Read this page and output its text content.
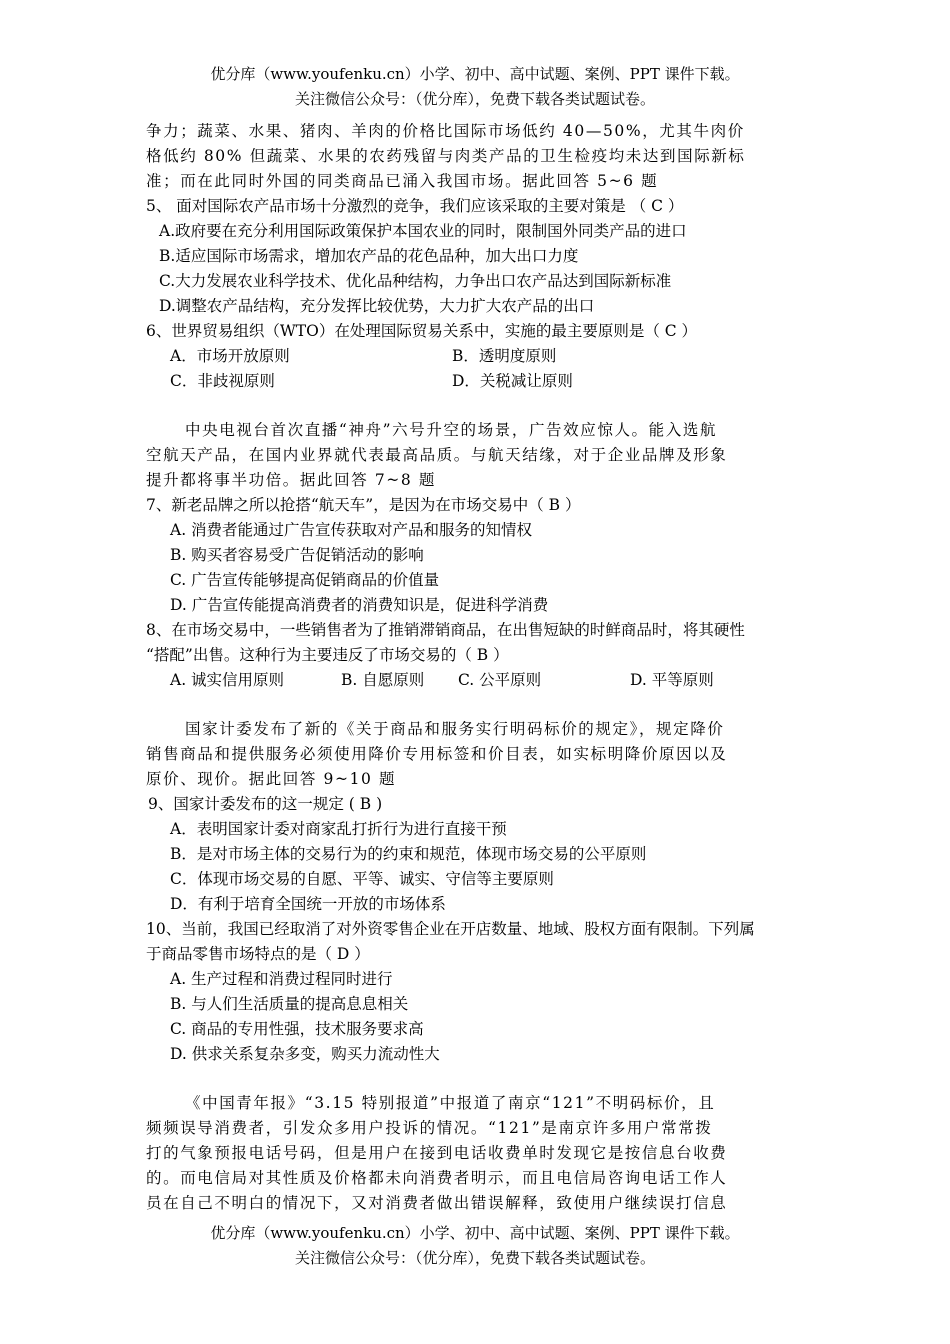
优分库（www.youfenku.cn）小学、初中、高中试题、案例、PPT 课件下载。
关注微信公众号：（优分库），免费下载各类试题试卷。
争力；蔬菜、水果、猪肉、羊肉的价格比国际市场低约 40—50%，尤其牛肉价
格低约 80% 但蔬菜、水果的农药残留与肉类产品的卫生检疫均未达到国际新标
准；而在此同时外国的同类商品已涌入我国市场。据此回答 5~6 题
5、 面对国际农产品市场十分激烈的竞争，我们应该采取的主要对策是 （ C ）
A.政府要在充分利用国际政策保护本国农业的同时，限制国外同类产品的进口
B.适应国际市场需求，增加农产品的花色品种，加大出口力度
C.大力发展农业科学技术、优化品种结构，力争出口农产品达到国际新标准
D.调整农产品结构，充分发挥比较优势，大力扩大农产品的出口
6、世界贸易组织（WTO）在处理国际贸易关系中，实施的最主要原则是（ C ）
A．市场开放原则	B．透明度原则
C．非歧视原则	D．关税减让原则
中央电视台首次直播“神舟”六号升空的场景，广告效应惊人。能入选航
空航天产品，在国内业界就代表最高品质。与航天结缘，对于企业品牌及形象
提升都将事半功倍。据此回答 7~8 题
7、新老品牌之所以抢搭“航天车”，是因为在市场交易中（ B ）
A. 消费者能通过广告宣传获取对产品和服务的知情权
B. 购买者容易受广告促销活动的影响
C. 广告宣传能够提高促销商品的价值量
D. 广告宣传能提高消费者的消费知识是，促进科学消费
8、在市场交易中，一些销售者为了推销滞销商品，在出售短缺的时鲜商品时，将其硬性
“搭配”出售。这种行为主要违反了市场交易的（ B ）
A. 诚实信用原则	B. 自愿原则 C. 公平原则	D. 平等原则
国家计委发布了新的《关于商品和服务实行明码标价的规定》，规定降价
销售商品和提供服务必须使用降价专用标签和价目表，如实标明降价原因以及
原价、现价。据此回答 9~10 题
9、国家计委发布的这一规定 ( B )
A．表明国家计委对商家乱打折行为进行直接干预
B．是对市场主体的交易行为的约束和规范，体现市场交易的公平原则
C．体现市场交易的自愿、平等、诚实、守信等主要原则
D．有利于培育全国统一开放的市场体系
10、当前，我国已经取消了对外资零售企业在开店数量、地域、股权方面有限制。下列属
于商品零售市场特点的是（ D ）
A. 生产过程和消费过程同时进行
B. 与人们生活质量的提高息息相关
C. 商品的专用性强，技术服务要求高
D. 供求关系复杂多变，购买力流动性大
《中国青年报》“3.15 特别报道”中报道了南京“121”不明码标价，且
频频误导消费者，引发众多用户投诉的情况。“121”是南京许多用户常常拨
打的气象预报电话号码，但是用户在接到电话收费单时发现它是按信息台收费
的。而电信局对其性质及价格都未向消费者明示，而且电信局咨询电话工作人
员在自己不明白的情况下，又对消费者做出错误解释，致使用户继续误打信息
优分库（www.youfenku.cn）小学、初中、高中试题、案例、PPT 课件下载。
关注微信公众号：（优分库），免费下载各类试题试卷。
